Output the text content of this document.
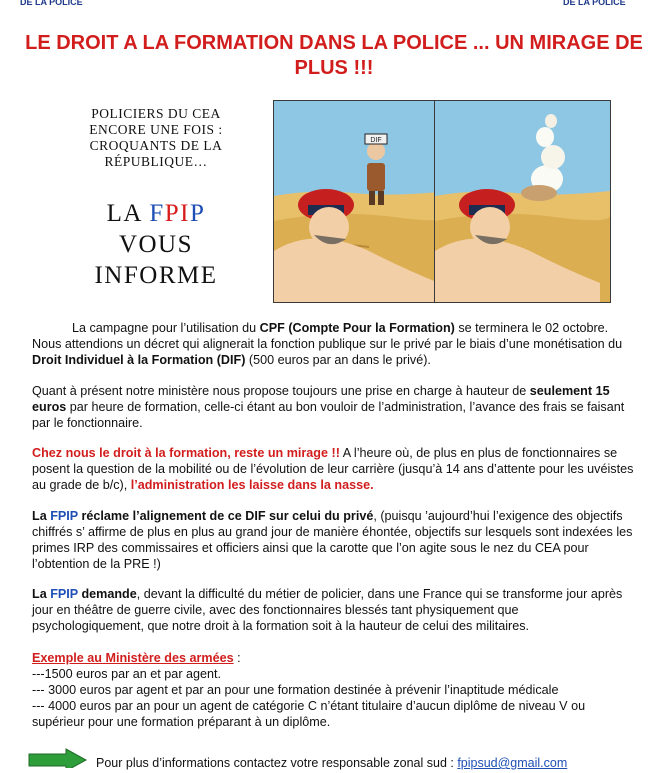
DE LA POLICE	DE LA POLICE
LE DROIT A LA FORMATION DANS LA POLICE ... UN MIRAGE DE PLUS !!!
POLICIERS DU CEA
ENCORE UNE FOIS :
CROQUANTS DE LA
RÉPUBLIQUE…
LA FPIP
VOUS
INFORME
DIF
La campagne pour l’utilisation du CPF (Compte Pour la Formation) se terminera le 02 octobre. Nous attendions un décret qui alignerait la fonction publique sur le privé par le biais d’une monétisation du Droit Individuel à la Formation (DIF) (500 euros par an dans le privé).
Quant à présent notre ministère nous propose toujours une prise en charge à hauteur de seulement 15 euros par heure de formation, celle-ci étant au bon vouloir de l’administration, l’avance des frais se faisant par le fonctionnaire.
Chez nous le droit à la formation, reste un mirage !! A l’heure où, de plus en plus de fonctionnaires se posent la question de la mobilité ou de l’évolution de leur carrière (jusqu’à 14 ans d’attente pour les uvéistes au grade de b/c), l’administration les laisse dans la nasse.
La FPIP réclame l’alignement de ce DIF sur celui du privé, (puisqu ’aujourd’hui l’exigence des objectifs chiffrés s’ affirme de plus en plus au grand jour de manière éhontée, objectifs sur lesquels sont indexées les primes IRP des commissaires et officiers ainsi que la carotte que l’on agite sous le nez du CEA pour l’obtention de la PRE !)
La FPIP demande, devant la difficulté du métier de policier, dans une France qui se transforme jour après jour en théâtre de guerre civile, avec des fonctionnaires blessés tant physiquement que psychologiquement, que notre droit à la formation soit à la hauteur de celui des militaires.
Exemple au Ministère des armées :
---1500 euros par an et par agent.
--- 3000 euros par agent et par an pour une formation destinée à prévenir l’inaptitude médicale
--- 4000 euros par an pour un agent de catégorie C n’étant titulaire d’aucun diplôme de niveau V ou supérieur pour une formation préparant à un diplôme.
Pour plus d’informations contactez votre responsable zonal sud : fpipsud@gmail.com
